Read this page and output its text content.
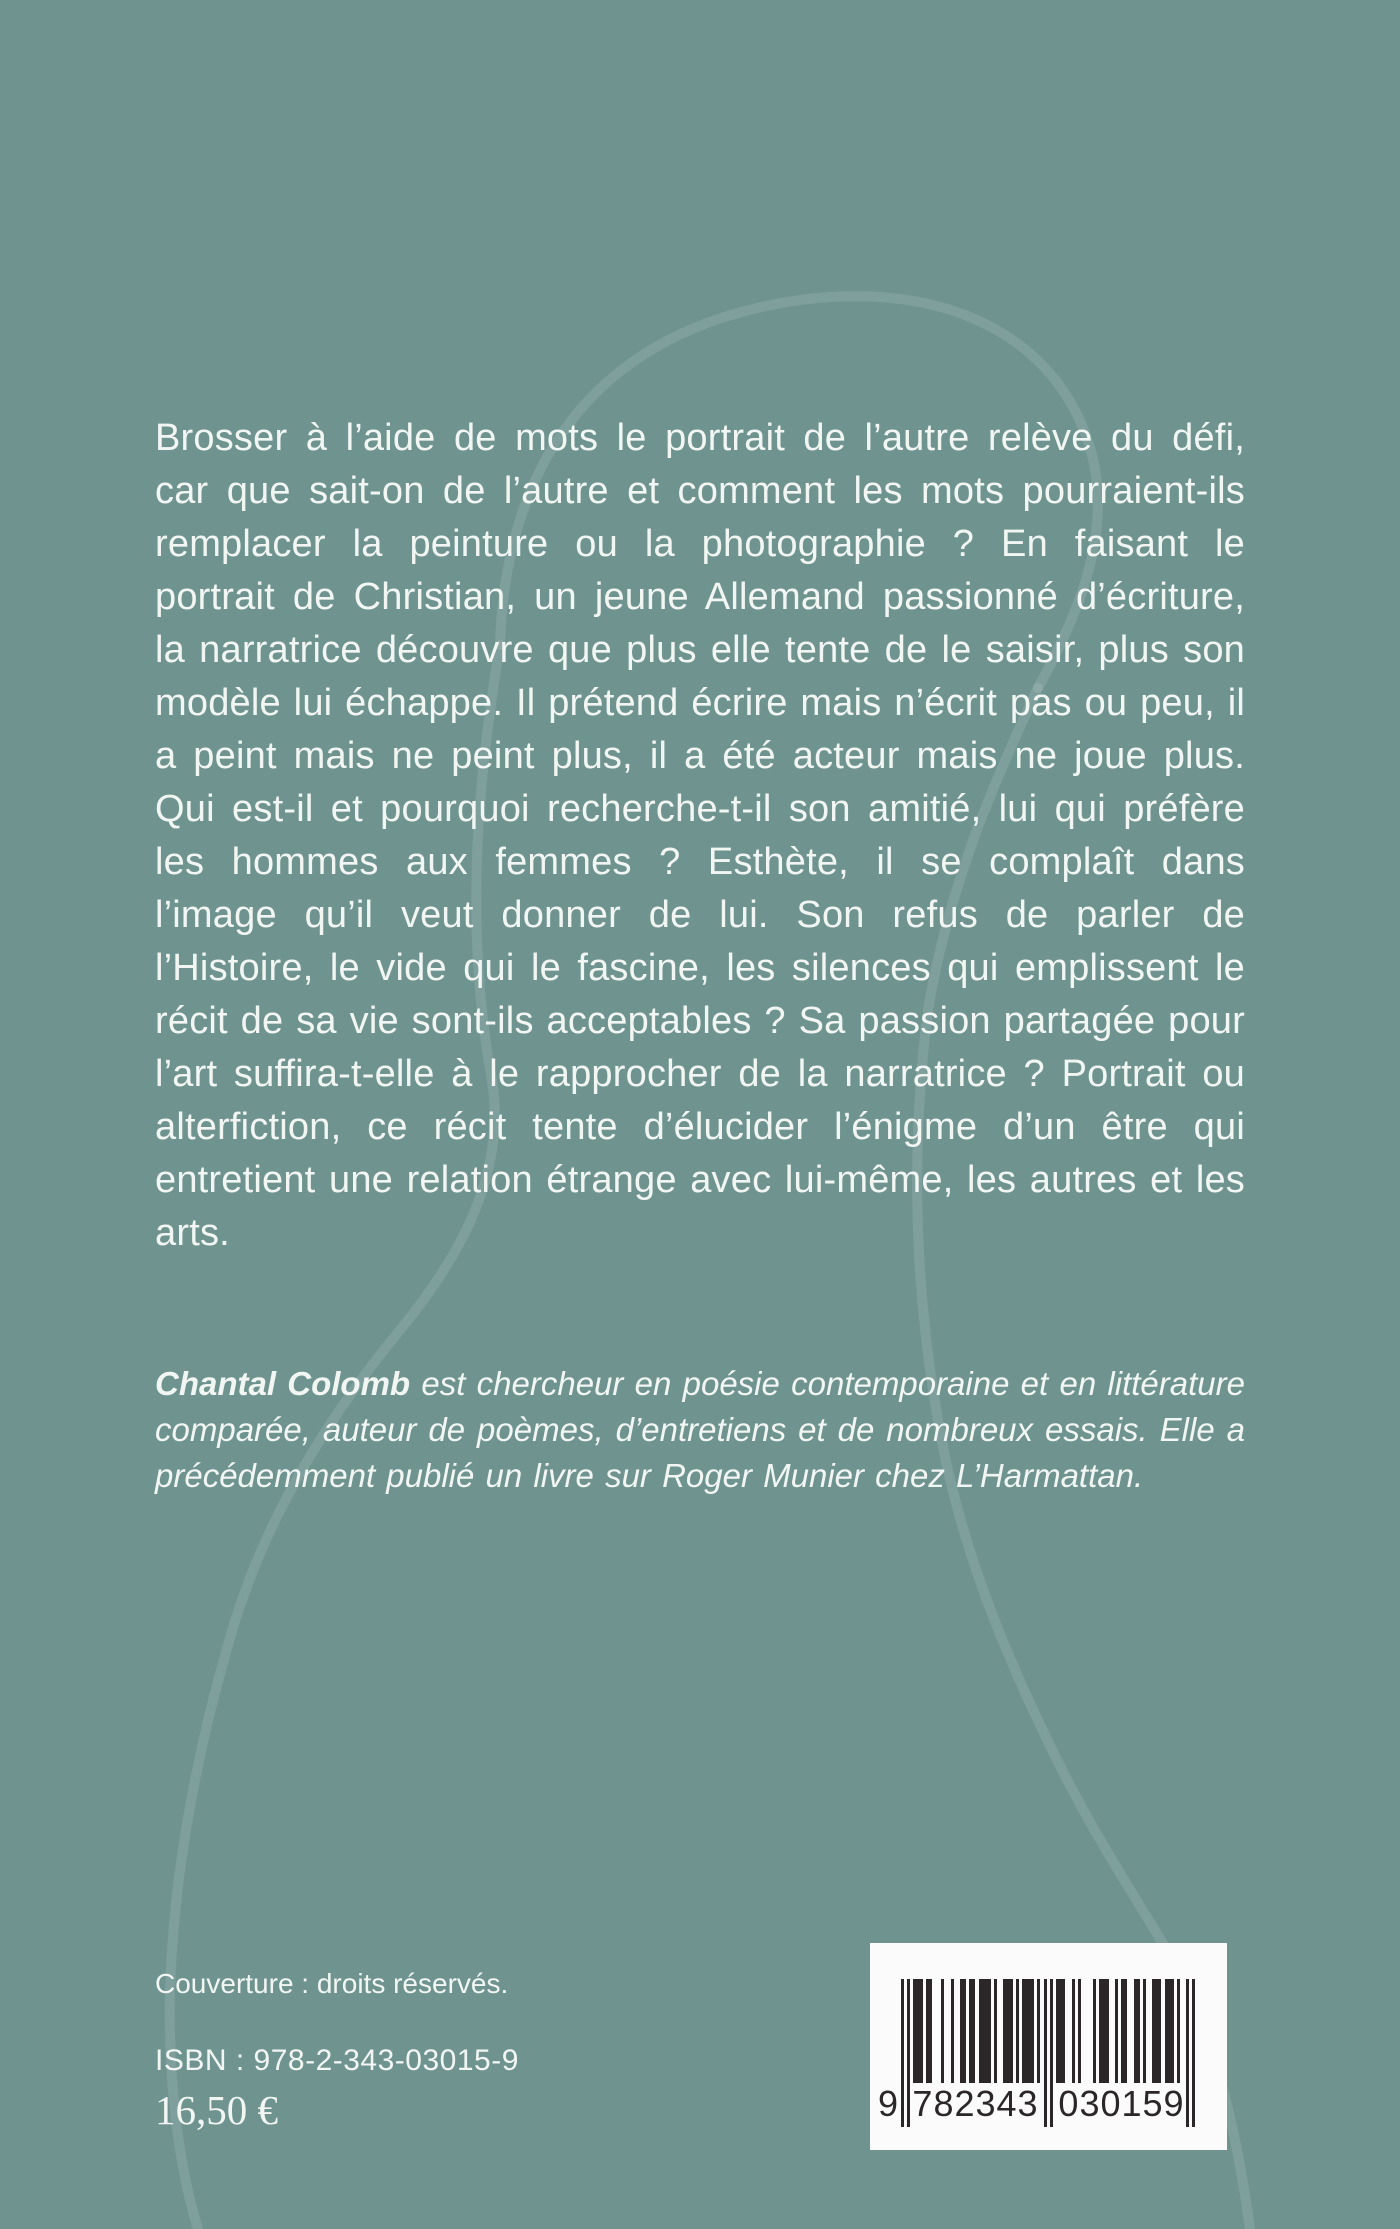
Brosser à l’aide de mots le portrait de l’autre relève du défi, car que sait-on de l’autre et comment les mots pourraient-ils remplacer la peinture ou la photographie ? En faisant le portrait de Christian, un jeune Allemand passionné d’écriture, la narratrice découvre que plus elle tente de le saisir, plus son modèle lui échappe. Il prétend écrire mais n’écrit pas ou peu, il a peint mais ne peint plus, il a été acteur mais ne joue plus. Qui est-il et pourquoi recherche-t-il son amitié, lui qui préfère les hommes aux femmes ? Esthète, il se complaît dans l’image qu’il veut donner de lui. Son refus de parler de l’Histoire, le vide qui le fascine, les silences qui emplissent le récit de sa vie sont-ils acceptables ? Sa passion partagée pour l’art suffira-t-elle à le rapprocher de la narratrice ? Portrait ou alterfiction, ce récit tente d’élucider l’énigme d’un être qui entretient une relation étrange avec lui-même, les autres et les arts.

Chantal Colomb est chercheur en poésie contemporaine et en littérature comparée, auteur de poèmes, d’entretiens et de nombreux essais. Elle a précédemment publié un livre sur Roger Munier chez L’Harmattan.

Couverture : droits réservés.
ISBN : 978-2-343-03015-9
16,50 €	9 782343 030159
